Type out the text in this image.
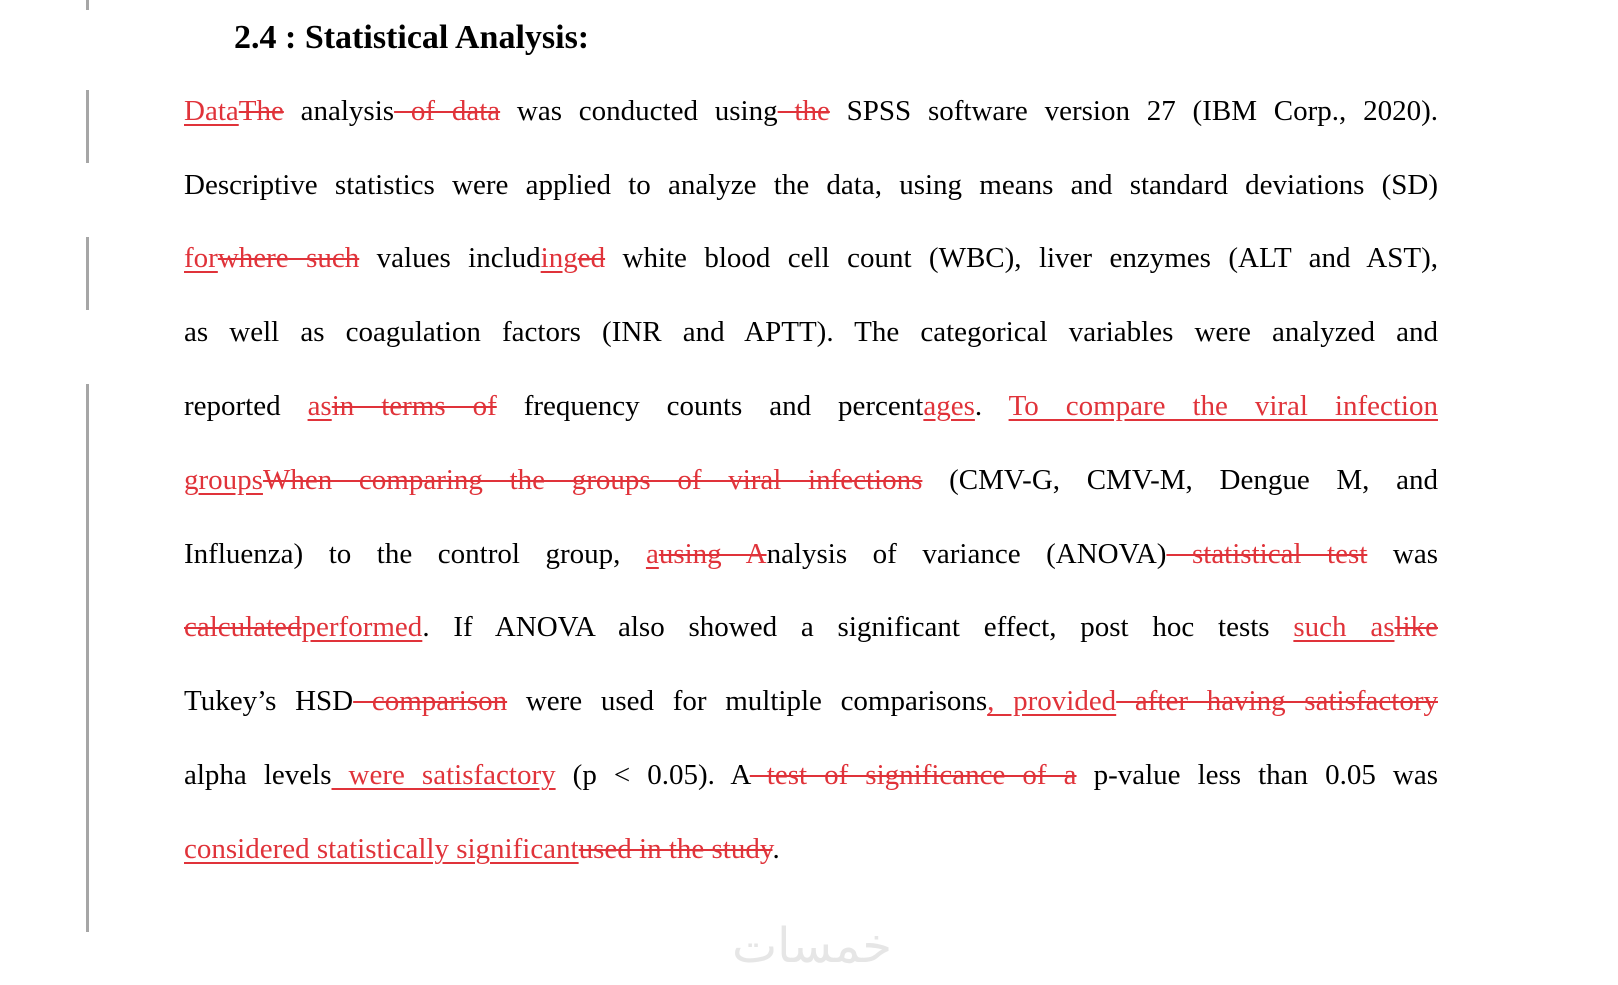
2.4 : Statistical Analysis:
DataThe analysis of data was conducted using the SPSS software version 27 (IBM Corp., 2020).
Descriptive statistics were applied to analyze the data, using means and standard deviations (SD)
forwhere such values includinged white blood cell count (WBC), liver enzymes (ALT and AST),
as well as coagulation factors (INR and APTT). The categorical variables were analyzed and
reported asin terms of frequency counts and percentages. To compare the viral infection
groupsWhen comparing the groups of viral infections (CMV-G, CMV-M, Dengue M, and
Influenza) to the control group, ausing Analysis of variance (ANOVA) statistical test was
calculatedperformed. If ANOVA also showed a significant effect, post hoc tests such aslike
Tukey’s HSD comparison were used for multiple comparisons, provided after having satisfactory
alpha levels were satisfactory (p < 0.05). A test of significance of a p-value less than 0.05 was
considered statistically significantused in the study.
خمسات
